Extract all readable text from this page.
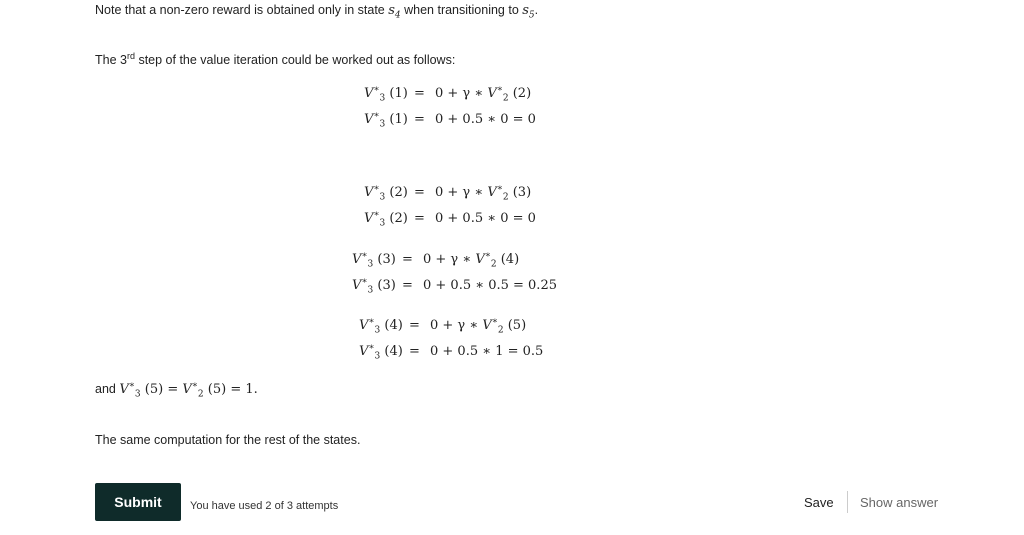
Note that a non-zero reward is obtained only in state $s_4$ when transitioning to $s_5$.
The 3rd step of the value iteration could be worked out as follows:
$V^∗_3$ (1) = 0 + γ ∗ $V^∗_2$ (2)
$V^∗_3$ (1) = 0 + 0.5 ∗ 0 = 0
$V^∗_3$ (2) = 0 + γ ∗ $V^∗_2$ (3)
$V^∗_3$ (2) = 0 + 0.5 ∗ 0 = 0
$V^∗_3$ (3) = 0 + γ ∗ $V^∗_2$ (4)
$V^∗_3$ (3) = 0 + 0.5 ∗ 0.5 = 0.25
$V^∗_3$ (4) = 0 + γ ∗ $V^∗_2$ (5)
$V^∗_3$ (4) = 0 + 0.5 ∗ 1 = 0.5
and $V^∗_3$ $(5) = V^∗_2$ (5) = 1.
The same computation for the rest of the states.
Submit	You have used 2 of 3 attempts	Save Show answer
